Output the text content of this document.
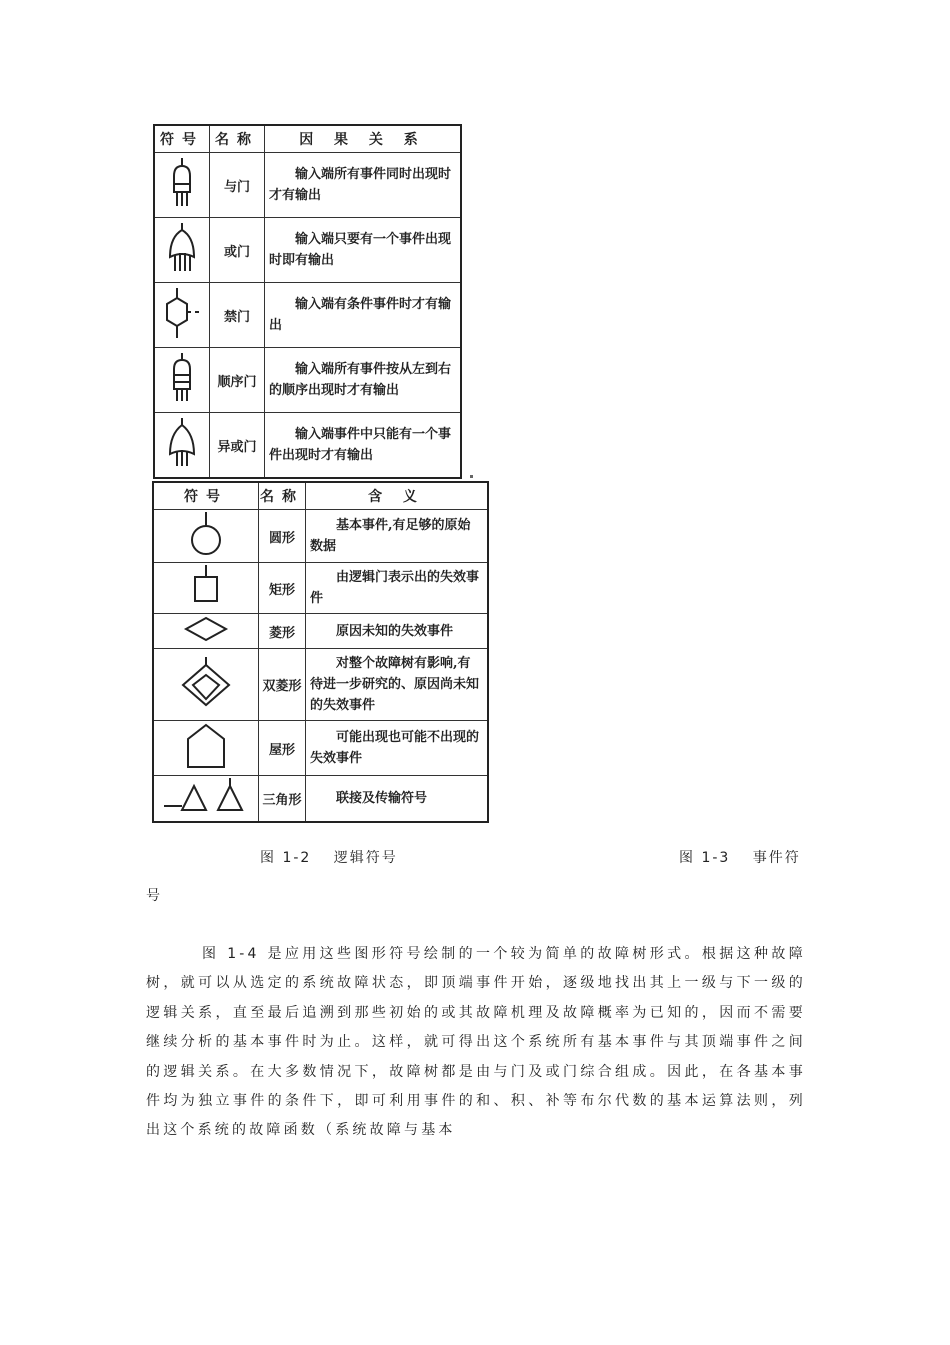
符号	名称	因 果 关 系
	与门	输入端所有事件同时出现时才有输出
	或门	输入端只要有一个事件出现时即有输出
	禁门	输入端有条件事件时才有输出
	顺序门	输入端所有事件按从左到右的顺序出现时才有输出
	异或门	输入端事件中只能有一个事件出现时才有输出
符号	名称	含 义
	圆形	基本事件,有足够的原始数据
	矩形	由逻辑门表示出的失效事件
	菱形	原因未知的失效事件
	双菱形	对整个故障树有影响,有待进一步研究的、原因尚未知的失效事件
	屋形	可能出现也可能不出现的失效事件
	三角形	联接及传输符号
图 1-2　 逻辑符号	图 1-3　 事件符
号

图 1-4 是应用这些图形符号绘制的一个较为简单的故障树形式。根据这种故障树，就可以从选定的系统故障状态，即顶端事件开始，逐级地找出其上一级与下一级的逻辑关系，直至最后追溯到那些初始的或其故障机理及故障概率为已知的，因而不需要继续分析的基本事件时为止。这样，就可得出这个系统所有基本事件与其顶端事件之间的逻辑关系。在大多数情况下，故障树都是由与门及或门综合组成。因此，在各基本事件均为独立事件的条件下，即可利用事件的和、积、补等布尔代数的基本运算法则，列出这个系统的故障函数（系统故障与基本
